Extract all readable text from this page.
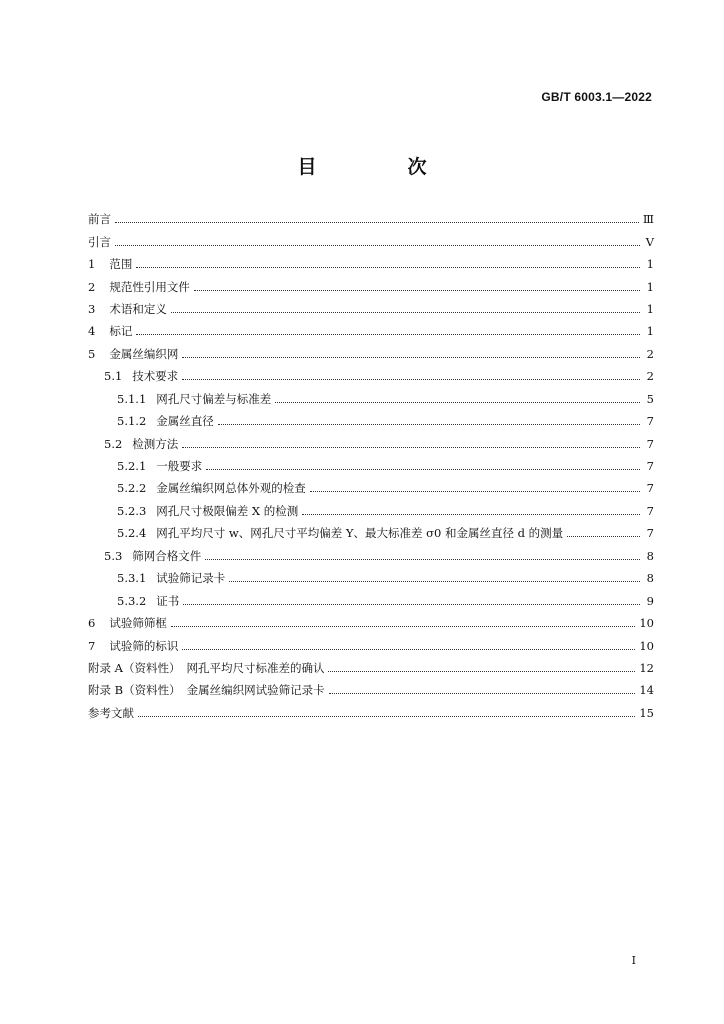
GB/T 6003.1—2022
目　次
前言	Ⅲ
引言	Ⅴ
1 范围	1
2 规范性引用文件	1
3 术语和定义	1
4 标记	1
5 金属丝编织网	2
5.1 技术要求	2
5.1.1 网孔尺寸偏差与标准差	5
5.1.2 金属丝直径	7
5.2 检测方法	7
5.2.1 一般要求	7
5.2.2 金属丝编织网总体外观的检查	7
5.2.3 网孔尺寸极限偏差 X 的检测	7
5.2.4 网孔平均尺寸 w、网孔尺寸平均偏差 Y、最大标准差 σ0 和金属丝直径 d 的测量	7
5.3 筛网合格文件	8
5.3.1 试验筛记录卡	8
5.3.2 证书	9
6 试验筛筛框	10
7 试验筛的标识	10
附录 A（资料性） 网孔平均尺寸标准差的确认	12
附录 B（资料性） 金属丝编织网试验筛记录卡	14
参考文献	15
I
